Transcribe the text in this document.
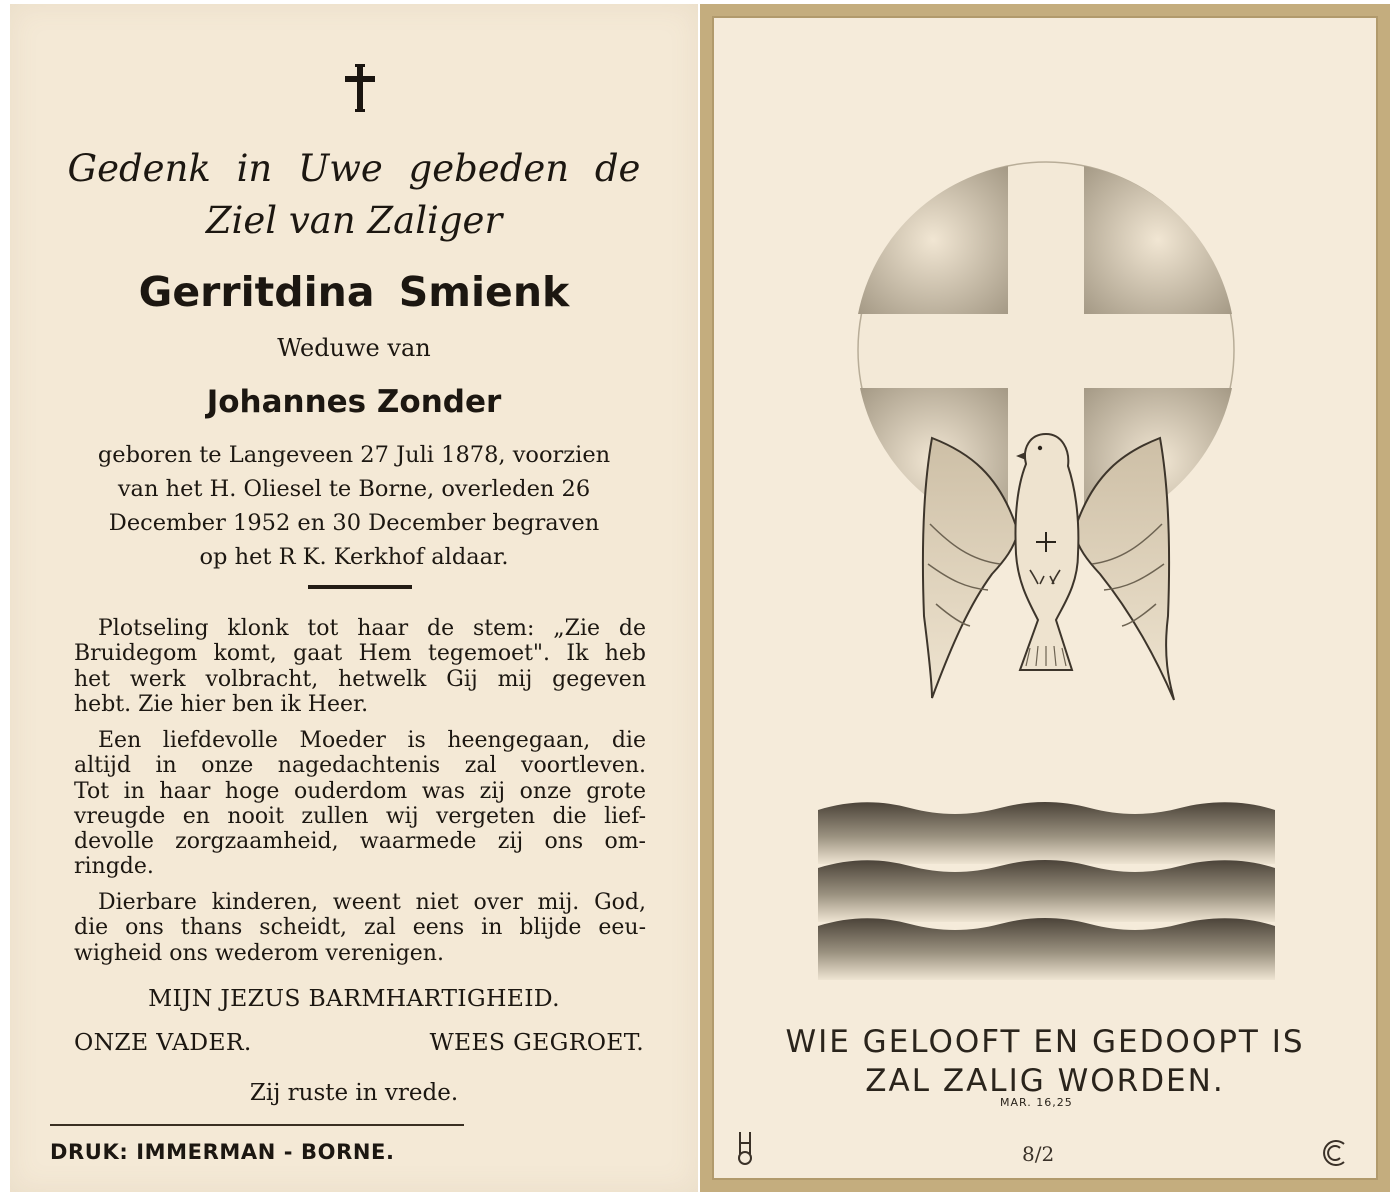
Gedenk in Uwe gebeden de
Ziel van Zaliger
Gerritdina Smienk
Weduwe van
Johannes Zonder
geboren te Langeveen 27 Juli 1878, voorzien
van het H. Oliesel te Borne, overleden 26
December 1952 en 30 December begraven
op het R K. Kerkhof aldaar.
Plotseling klonk tot haar de stem: „Zie de
Bruidegom komt, gaat Hem tegemoet". Ik heb
het werk volbracht, hetwelk Gij mij gegeven
hebt. Zie hier ben ik Heer.
Een liefdevolle Moeder is heengegaan, die
altijd in onze nagedachtenis zal voortleven.
Tot in haar hoge ouderdom was zij onze grote
vreugde en nooit zullen wij vergeten die lief-
devolle zorgzaamheid, waarmede zij ons om-
ringde.
Dierbare kinderen, weent niet over mij. God,
die ons thans scheidt, zal eens in blijde eeu-
wigheid ons wederom verenigen.
MIJN JEZUS BARMHARTIGHEID.
ONZE VADER.	WEES GEGROET.
Zij ruste in vrede.
DRUK: IMMERMAN - BORNE.
WIE GELOOFT EN GEDOOPT IS
ZAL ZALIG WORDEN.
MAR. 16,25
8/2
